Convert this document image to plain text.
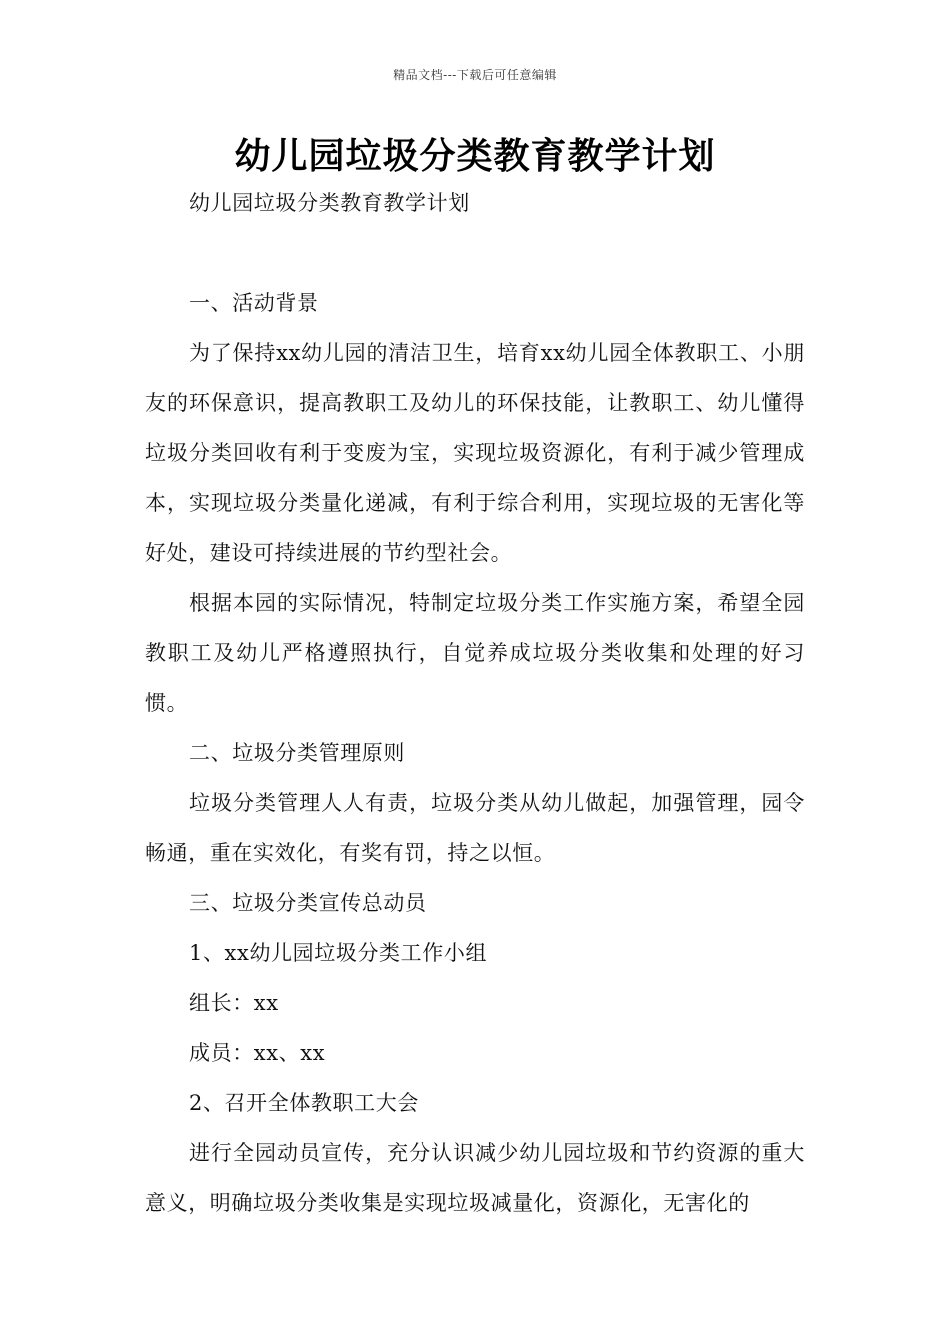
精品文档---下载后可任意编辑
幼儿园垃圾分类教育教学计划

幼儿园垃圾分类教育教学计划

一、活动背景

为了保持xx幼儿园的清洁卫生，培育xx幼儿园全体教职工、小朋友的环保意识，提高教职工及幼儿的环保技能，让教职工、幼儿懂得垃圾分类回收有利于变废为宝，实现垃圾资源化，有利于减少管理成本，实现垃圾分类量化递减，有利于综合利用，实现垃圾的无害化等好处，建设可持续进展的节约型社会。

根据本园的实际情况，特制定垃圾分类工作实施方案，希望全园教职工及幼儿严格遵照执行，自觉养成垃圾分类收集和处理的好习惯。

二、垃圾分类管理原则

垃圾分类管理人人有责，垃圾分类从幼儿做起，加强管理，园令畅通，重在实效化，有奖有罚，持之以恒。

三、垃圾分类宣传总动员

1、xx幼儿园垃圾分类工作小组

组长：xx

成员：xx、xx

2、召开全体教职工大会

进行全园动员宣传，充分认识减少幼儿园垃圾和节约资源的重大意义，明确垃圾分类收集是实现垃圾减量化，资源化，无害化的
